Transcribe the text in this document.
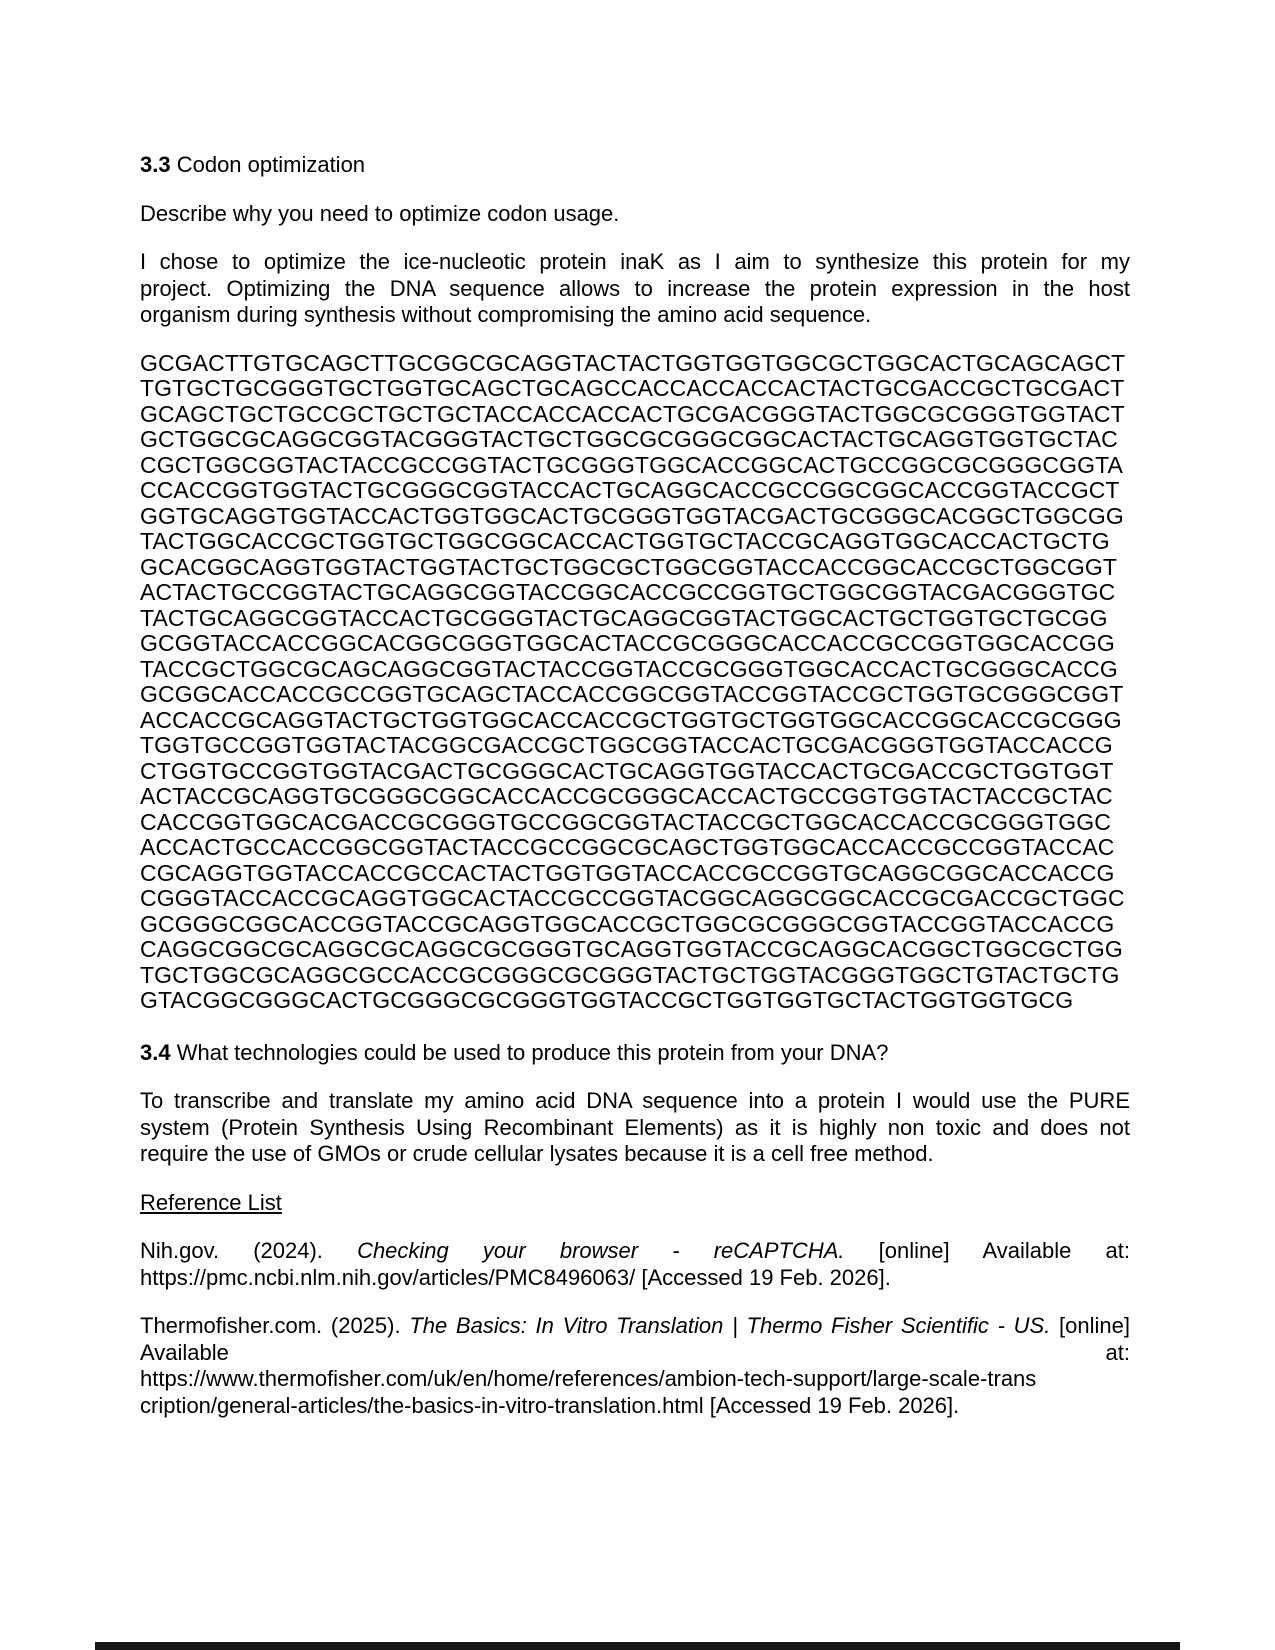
3.3 Codon optimization
Describe why you need to optimize codon usage.
I chose to optimize the ice-nucleotic protein inaK as I aim to synthesize this protein for my
project. Optimizing the DNA sequence allows to increase the protein expression in the host
organism during synthesis without compromising the amino acid sequence.
GCGACTTGTGCAGCTTGCGGCGCAGGTACTACTGGTGGTGGCGCTGGCACTGCAGCAGCT
TGTGCTGCGGGTGCTGGTGCAGCTGCAGCCACCACCACCACTACTGCGACCGCTGCGACT
GCAGCTGCTGCCGCTGCTGCTACCACCACCACTGCGACGGGTACTGGCGCGGGTGGTACT
GCTGGCGCAGGCGGTACGGGTACTGCTGGCGCGGGCGGCACTACTGCAGGTGGTGCTAC
CGCTGGCGGTACTACCGCCGGTACTGCGGGTGGCACCGGCACTGCCGGCGCGGGCGGTA
CCACCGGTGGTACTGCGGGCGGTACCACTGCAGGCACCGCCGGCGGCACCGGTACCGCT
GGTGCAGGTGGTACCACTGGTGGCACTGCGGGTGGTACGACTGCGGGCACGGCTGGCGG
TACTGGCACCGCTGGTGCTGGCGGCACCACTGGTGCTACCGCAGGTGGCACCACTGCTG
GCACGGCAGGTGGTACTGGTACTGCTGGCGCTGGCGGTACCACCGGCACCGCTGGCGGT
ACTACTGCCGGTACTGCAGGCGGTACCGGCACCGCCGGTGCTGGCGGTACGACGGGTGC
TACTGCAGGCGGTACCACTGCGGGTACTGCAGGCGGTACTGGCACTGCTGGTGCTGCGG
GCGGTACCACCGGCACGGCGGGTGGCACTACCGCGGGCACCACCGCCGGTGGCACCGG
TACCGCTGGCGCAGCAGGCGGTACTACCGGTACCGCGGGTGGCACCACTGCGGGCACCG
GCGGCACCACCGCCGGTGCAGCTACCACCGGCGGTACCGGTACCGCTGGTGCGGGCGGT
ACCACCGCAGGTACTGCTGGTGGCACCACCGCTGGTGCTGGTGGCACCGGCACCGCGGG
TGGTGCCGGTGGTACTACGGCGACCGCTGGCGGTACCACTGCGACGGGTGGTACCACCG
CTGGTGCCGGTGGTACGACTGCGGGCACTGCAGGTGGTACCACTGCGACCGCTGGTGGT
ACTACCGCAGGTGCGGGCGGCACCACCGCGGGCACCACTGCCGGTGGTACTACCGCTAC
CACCGGTGGCACGACCGCGGGTGCCGGCGGTACTACCGCTGGCACCACCGCGGGTGGC
ACCACTGCCACCGGCGGTACTACCGCCGGCGCAGCTGGTGGCACCACCGCCGGTACCAC
CGCAGGTGGTACCACCGCCACTACTGGTGGTACCACCGCCGGTGCAGGCGGCACCACCG
CGGGTACCACCGCAGGTGGCACTACCGCCGGTACGGCAGGCGGCACCGCGACCGCTGGC
GCGGGCGGCACCGGTACCGCAGGTGGCACCGCTGGCGCGGGCGGTACCGGTACCACCG
CAGGCGGCGCAGGCGCAGGCGCGGGTGCAGGTGGTACCGCAGGCACGGCTGGCGCTGG
TGCTGGCGCAGGCGCCACCGCGGGCGCGGGTACTGCTGGTACGGGTGGCTGTACTGCTG
GTACGGCGGGCACTGCGGGCGCGGGTGGTACCGCTGGTGGTGCTACTGGTGGTGCG
3.4 What technologies could be used to produce this protein from your DNA?
To transcribe and translate my amino acid DNA sequence into a protein I would use the PURE
system (Protein Synthesis Using Recombinant Elements) as it is highly non toxic and does not
require the use of GMOs or crude cellular lysates because it is a cell free method.
Reference List
Nih.gov. (2024). Checking your browser - reCAPTCHA. [online] Available at:
https://pmc.ncbi.nlm.nih.gov/articles/PMC8496063/ [Accessed 19 Feb. 2026].
Thermofisher.com. (2025). The Basics: In Vitro Translation | Thermo Fisher Scientific - US. [online]
Available	at:
https://www.thermofisher.com/uk/en/home/references/ambion-tech-support/large-scale-trans
cription/general-articles/the-basics-in-vitro-translation.html [Accessed 19 Feb. 2026].
